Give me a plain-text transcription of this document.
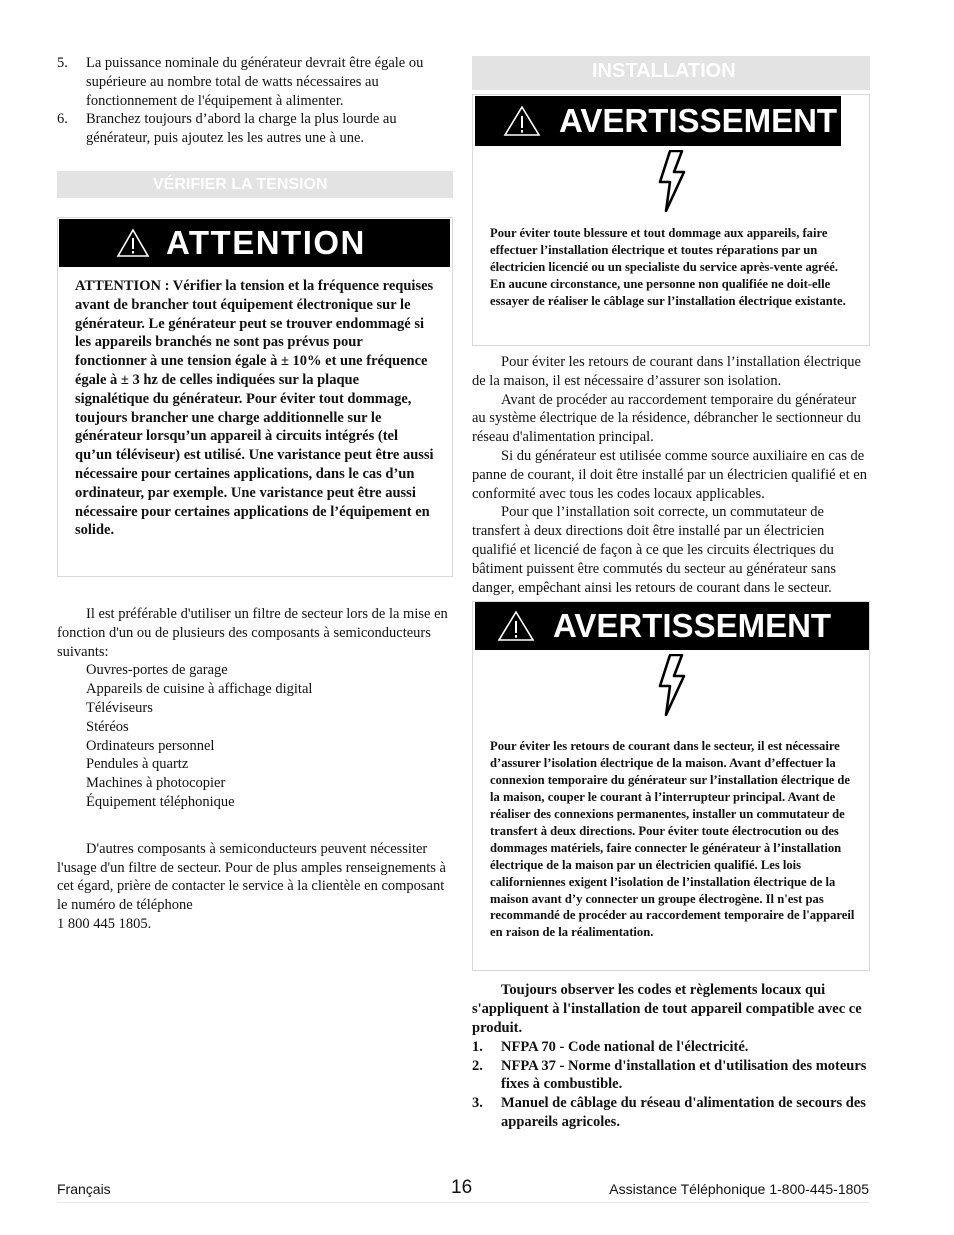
5. La puissance nominale du générateur devrait être égale ou supérieure au nombre total de watts nécessaires au fonctionnement de l'équipement à alimenter.
6. Branchez toujours d’abord la charge la plus lourde au générateur, puis ajoutez les les autres une à une.
VÉRIFIER LA TENSION
ATTENTION
ATTENTION : Vérifier la tension et la fréquence requises avant de brancher tout équipement électronique sur le générateur. Le générateur peut se trouver endommagé si les appareils branchés ne sont pas prévus pour fonctionner à une tension égale à ± 10% et une fréquence égale à ± 3 hz de celles indiquées sur la plaque signalétique du générateur. Pour éviter tout dommage, toujours brancher une charge additionnelle sur le générateur lorsqu’un appareil à circuits intégrés (tel qu’un téléviseur) est utilisé. Une varistance peut être aussi nécessaire pour certaines applications, dans le cas d’un ordinateur, par exemple. Une varistance peut être aussi nécessaire pour certaines applications de l’équipement en solide.
Il est préférable d'utiliser un filtre de secteur lors de la mise en fonction d'un ou de plusieurs des composants à semiconducteurs suivants:
Ouvres-portes de garage
Appareils de cuisine à affichage digital
Téléviseurs
Stéréos
Ordinateurs personnel
Pendules à quartz
Machines à photocopier
Équipement téléphonique
D'autres composants à semiconducteurs peuvent nécessiter l'usage d'un filtre de secteur. Pour de plus amples renseignements à cet égard, prière de contacter le service à la clientèle en composant le numéro de téléphone
1 800 445 1805.
INSTALLATION
AVERTISSEMENT
Pour éviter toute blessure et tout dommage aux appareils, faire effectuer l’installation électrique et toutes réparations par un électricien licencié ou un specialiste du service après-vente agréé. En aucune circonstance, une personne non qualifiée ne doit-elle essayer de réaliser le câblage sur l’installation électrique existante.
Pour éviter les retours de courant dans l’installation électrique de la maison, il est nécessaire d’assurer son isolation.
Avant de procéder au raccordement temporaire du générateur au système électrique de la résidence, débrancher le sectionneur du réseau d'alimentation principal.
Si du générateur est utilisée comme source auxiliaire en cas de panne de courant, il doit être installé par un électricien qualifié et en conformité avec tous les codes locaux applicables.
Pour que l’installation soit correcte, un commutateur de transfert à deux directions doit être installé par un électricien qualifié et licencié de façon à ce que les circuits électriques du bâtiment puissent être commutés du secteur au générateur sans danger, empêchant ainsi les retours de courant dans le secteur.
AVERTISSEMENT
Pour éviter les retours de courant dans le secteur, il est nécessaire d’assurer l’isolation électrique de la maison. Avant d’effectuer la connexion temporaire du générateur sur l’installation électrique de la maison, couper le courant à l’interrupteur principal. Avant de réaliser des connexions permanentes, installer un commutateur de transfert à deux directions. Pour éviter toute électrocution ou des dommages matériels, faire connecter le générateur à l’installation électrique de la maison par un électricien qualifié. Les lois californiennes exigent l’isolation de l’installation électrique de la maison avant d’y connecter un groupe électrogène. Il n'est pas recommandé de procéder au raccordement temporaire de l'appareil en raison de la réalimentation.
Toujours observer les codes et règlements locaux qui s'appliquent à l'installation de tout appareil compatible avec ce produit.
1. NFPA 70 - Code national de l'électricité.
2. NFPA 37 - Norme d'installation et d'utilisation des moteurs fixes à combustible.
3. Manuel de câblage du réseau d'alimentation de secours des appareils agricoles.
Français	16	Assistance Téléphonique 1-800-445-1805
